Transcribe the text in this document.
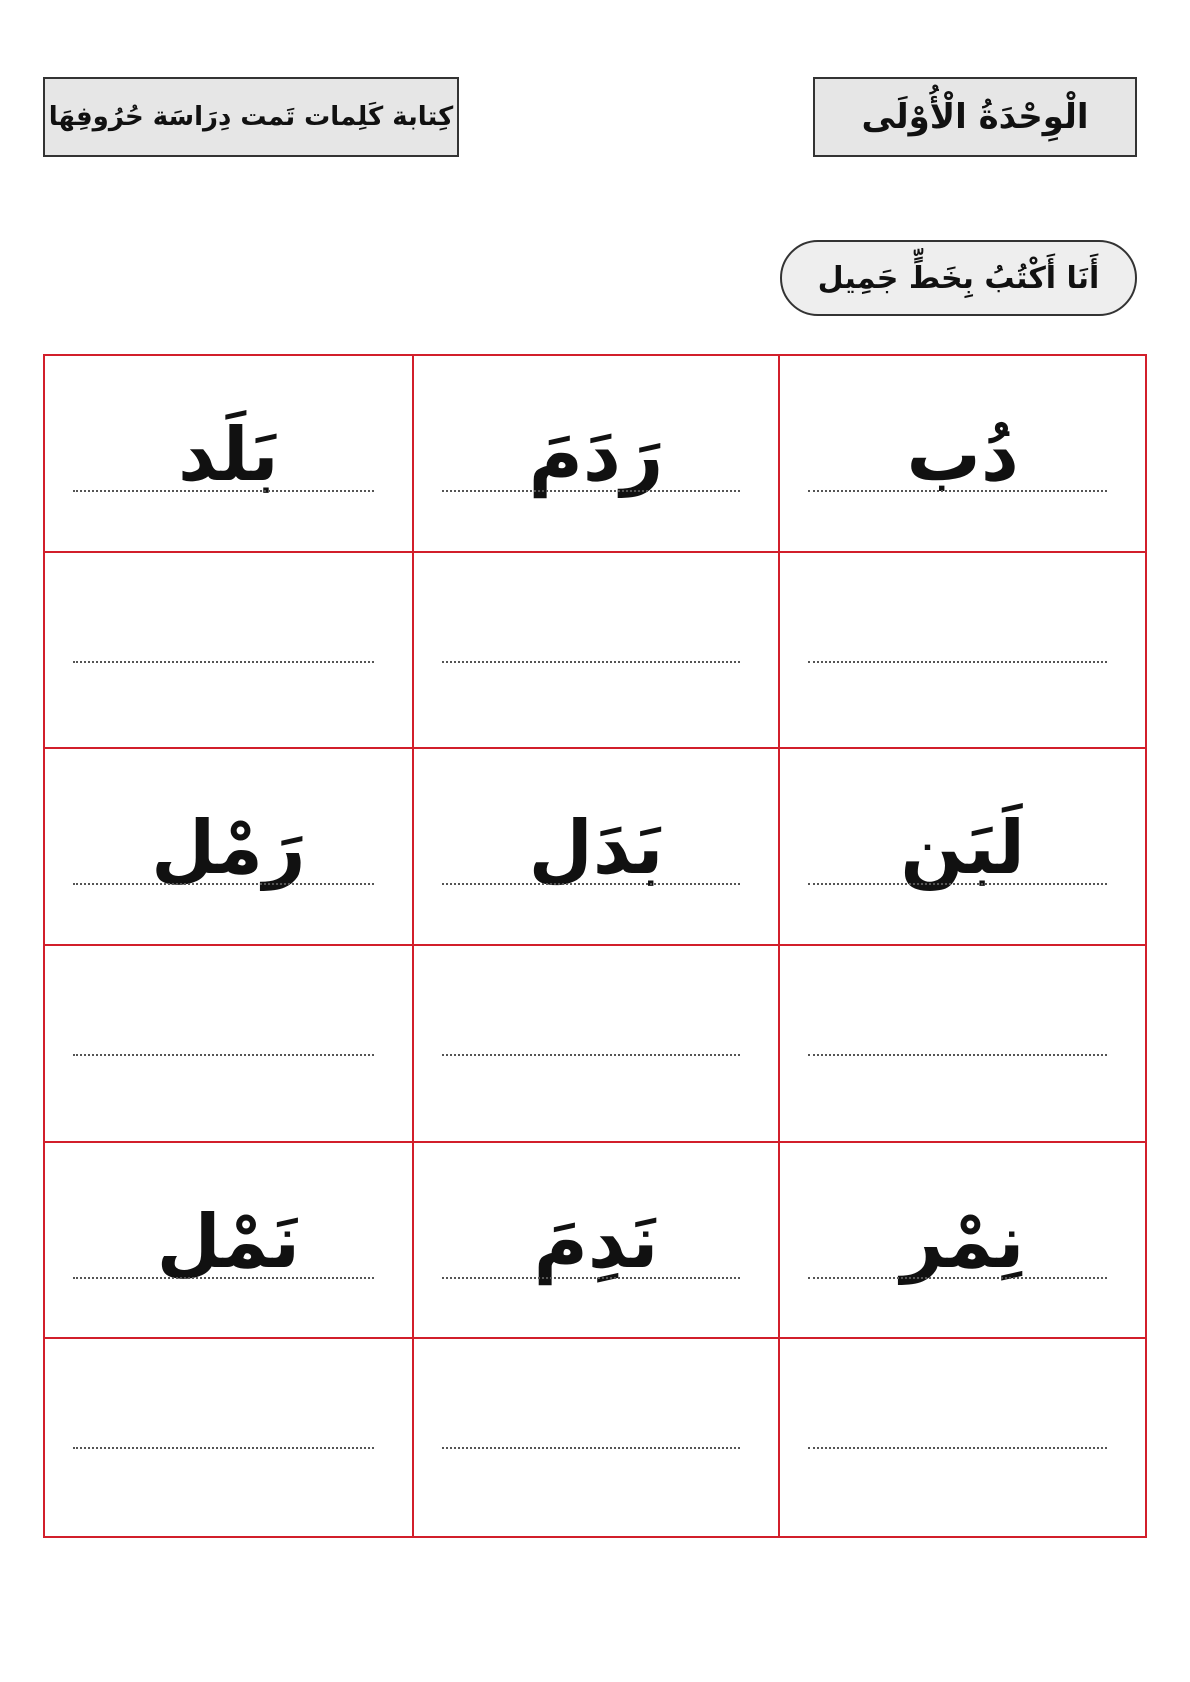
الْوِحْدَةُ الْأُوْلَى
كِتابة كَلِمات تَمت دِرَاسَة حُرُوفِهَا
أَنَا أَكْتُبُ بِخَطٍّ جَمِيل
دُب
رَدَمَ
بَلَد
لَبَن
بَدَل
رَمْل
نِمْر
نَدِمَ
نَمْل
